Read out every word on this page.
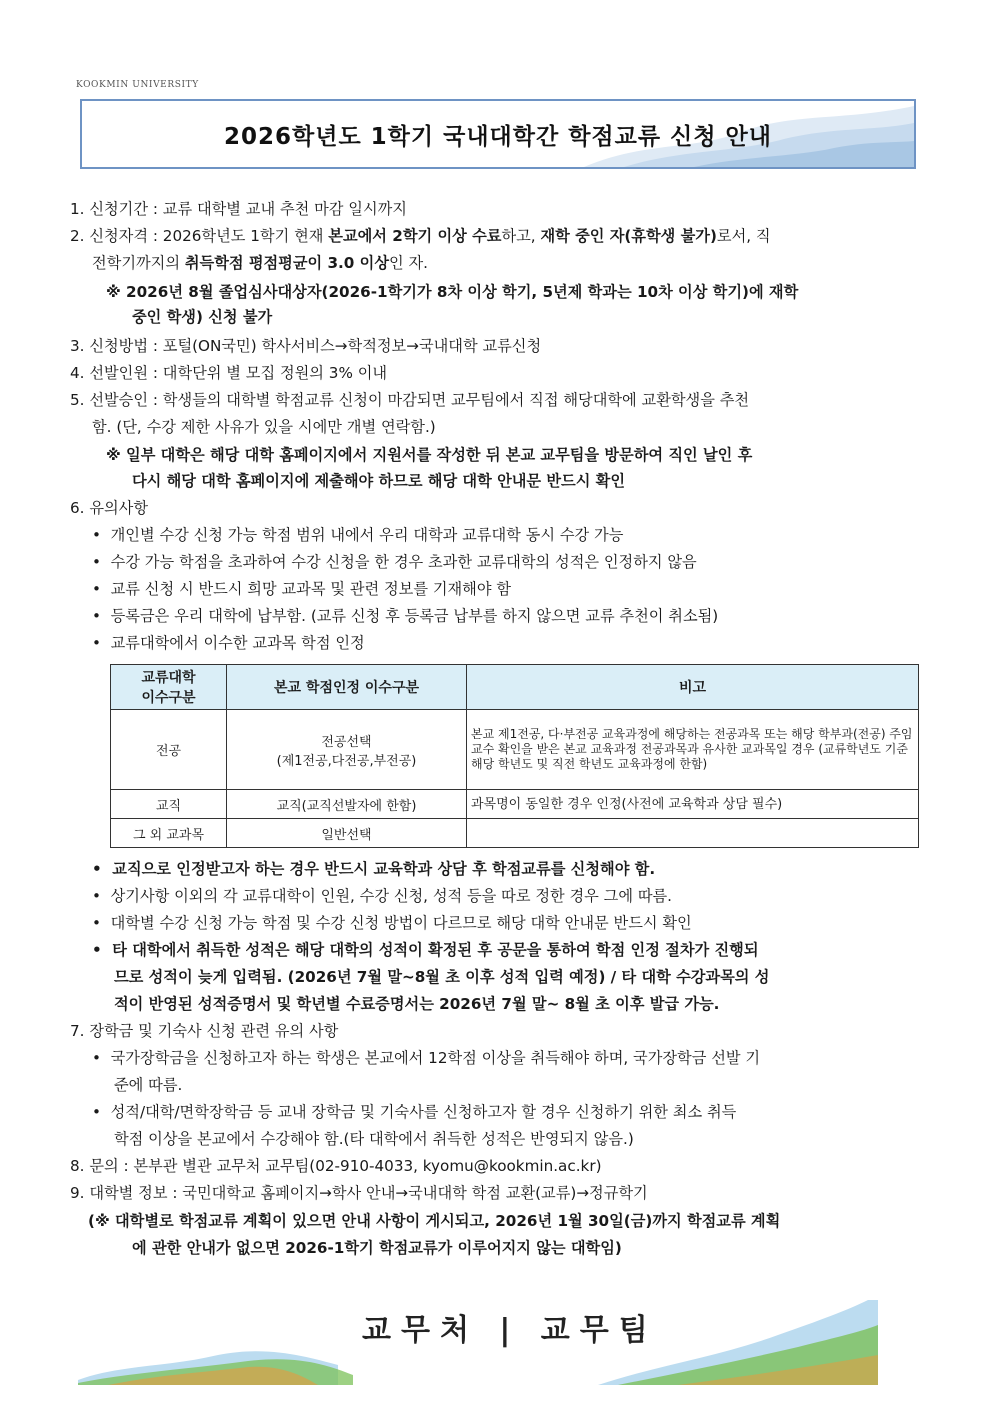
KOOKMIN UNIVERSITY
2026학년도 1학기 국내대학간 학점교류 신청 안내
1. 신청기간 : 교류 대학별 교내 추천 마감 일시까지
2. 신청자격 : 2026학년도 1학기 현재 본교에서 2학기 이상 수료하고, 재학 중인 자(휴학생 불가)로서, 직
전학기까지의 취득학점 평점평균이 3.0 이상인 자.
※ 2026년 8월 졸업심사대상자(2026-1학기가 8차 이상 학기, 5년제 학과는 10차 이상 학기)에 재학
중인 학생) 신청 불가
3. 신청방법 : 포털(ON국민) 학사서비스→학적정보→국내대학 교류신청
4. 선발인원 : 대학단위 별 모집 정원의 3% 이내
5. 선발승인 : 학생들의 대학별 학점교류 신청이 마감되면 교무팀에서 직접 해당대학에 교환학생을 추천
함. (단, 수강 제한 사유가 있을 시에만 개별 연락함.)
※ 일부 대학은 해당 대학 홈페이지에서 지원서를 작성한 뒤 본교 교무팀을 방문하여 직인 날인 후
다시 해당 대학 홈페이지에 제출해야 하므로 해당 대학 안내문 반드시 확인
6. 유의사항
•  개인별 수강 신청 가능 학점 범위 내에서 우리 대학과 교류대학 동시 수강 가능
•  수강 가능 학점을 초과하여 수강 신청을 한 경우 초과한 교류대학의 성적은 인정하지 않음
•  교류 신청 시 반드시 희망 교과목 및 관련 정보를 기재해야 함
•  등록금은 우리 대학에 납부함. (교류 신청 후 등록금 납부를 하지 않으면 교류 추천이 취소됨)
•  교류대학에서 이수한 교과목 학점 인정
교류대학
이수구분	본교 학점인정 이수구분	비고
전공	전공선택
(제1전공,다전공,부전공)	본교 제1전공, 다·부전공 교육과정에 해당하는 전공과목 또는 해당 학부과(전공) 주임 교수 확인을 받은 본교 교육과정 전공과목과 유사한 교과목일 경우 (교류학년도 기준 해당 학년도 및 직전 학년도 교육과정에 한함)
교직	교직(교직선발자에 한함)	과목명이 동일한 경우 인정(사전에 교육학과 상담 필수)
그 외 교과목	일반선택	
•  교직으로 인정받고자 하는 경우 반드시 교육학과 상담 후 학점교류를 신청해야 함.
•  상기사항 이외의 각 교류대학이 인원, 수강 신청, 성적 등을 따로 정한 경우 그에 따름.
•  대학별 수강 신청 가능 학점 및 수강 신청 방법이 다르므로 해당 대학 안내문 반드시 확인
•  타 대학에서 취득한 성적은 해당 대학의 성적이 확정된 후 공문을 통하여 학점 인정 절차가 진행되
므로 성적이 늦게 입력됨. (2026년 7월 말~8월 초 이후 성적 입력 예정) / 타 대학 수강과목의 성
적이 반영된 성적증명서 및 학년별 수료증명서는 2026년 7월 말~ 8월 초 이후 발급 가능.
7. 장학금 및 기숙사 신청 관련 유의 사항
•  국가장학금을 신청하고자 하는 학생은 본교에서 12학점 이상을 취득해야 하며, 국가장학금 선발 기
준에 따름.
•  성적/대학/면학장학금 등 교내 장학금 및 기숙사를 신청하고자 할 경우 신청하기 위한 최소 취득
학점 이상을 본교에서 수강해야 함.(타 대학에서 취득한 성적은 반영되지 않음.)
8. 문의 : 본부관 별관 교무처 교무팀(02-910-4033, kyomu@kookmin.ac.kr)
9. 대학별 정보 : 국민대학교 홈페이지→학사 안내→국내대학 학점 교환(교류)→정규학기
(※ 대학별로 학점교류 계획이 있으면 안내 사항이 게시되고, 2026년 1월 30일(금)까지 학점교류 계획
에 관한 안내가 없으면 2026-1학기 학점교류가 이루어지지 않는 대학임)
교무처 | 교무팀
